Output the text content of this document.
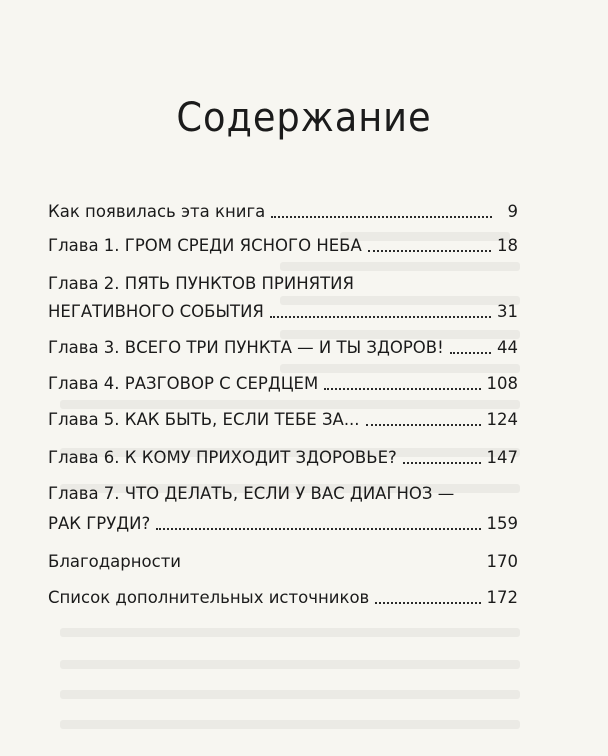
Содержание
Как появилась эта книга	9
Глава 1. ГРОМ СРЕДИ ЯСНОГО НЕБА	18
Глава 2. ПЯТЬ ПУНКТОВ ПРИНЯТИЯ
НЕГАТИВНОГО СОБЫТИЯ	31
Глава 3. ВСЕГО ТРИ ПУНКТА — И ТЫ ЗДОРОВ!	44
Глава 4. РАЗГОВОР С СЕРДЦЕМ	108
Глава 5. КАК БЫТЬ, ЕСЛИ ТЕБЕ ЗА...	124
Глава 6. К КОМУ ПРИХОДИТ ЗДОРОВЬЕ?	147
Глава 7. ЧТО ДЕЛАТЬ, ЕСЛИ У ВАС ДИАГНОЗ —
РАК ГРУДИ?	159
Благодарности	170
Список дополнительных источников	172
